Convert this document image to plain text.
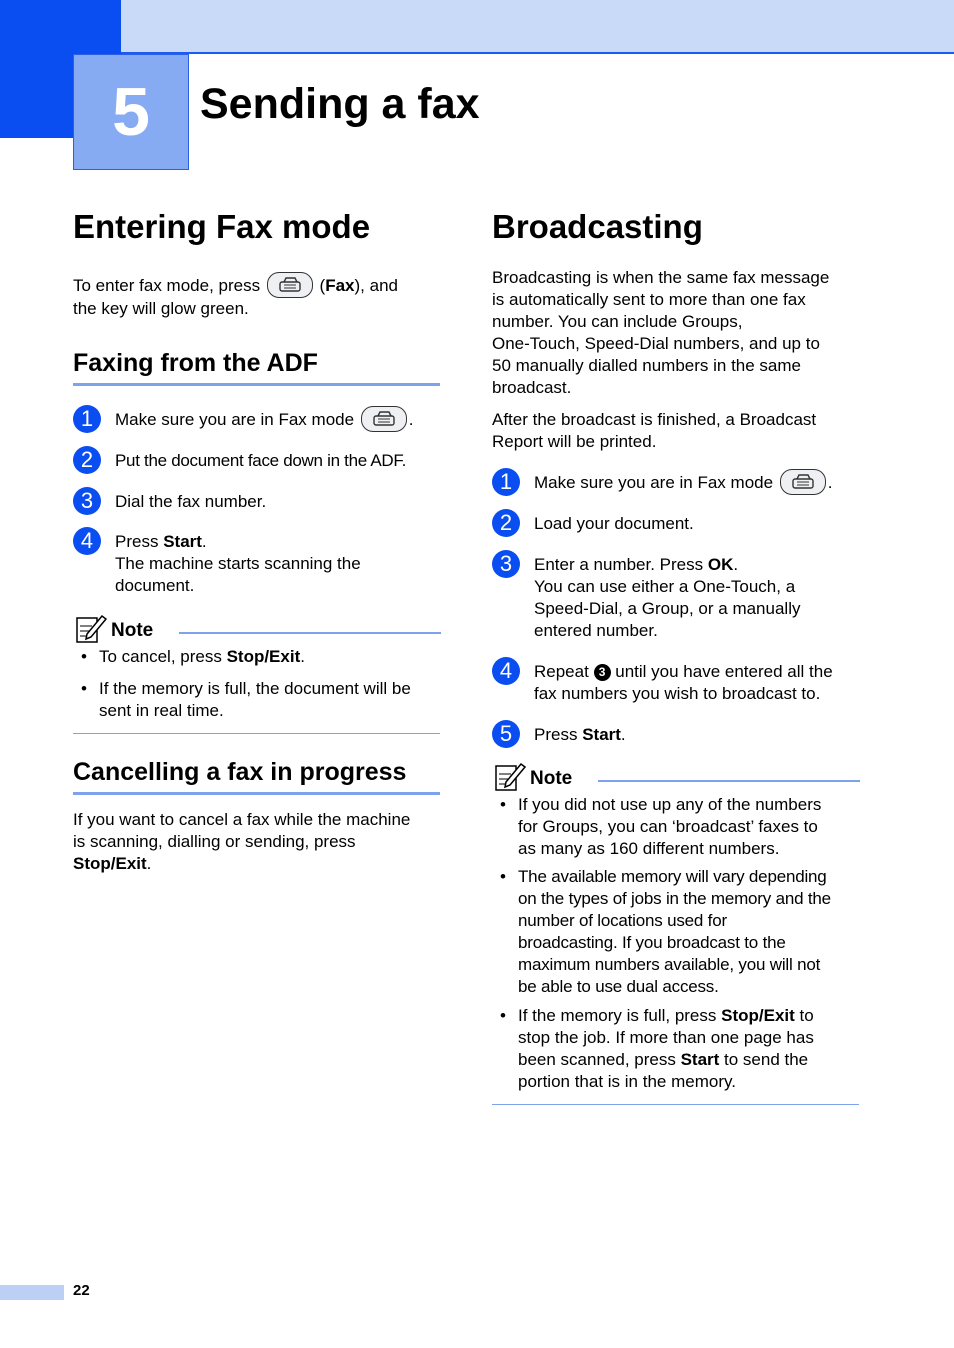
5	Sending a fax
Entering Fax mode
To enter fax mode, press	(Fax), and
the key will glow green.
Faxing from the ADF
1	Make sure you are in Fax mode	.
2	Put the document face down in the ADF.
3	Dial the fax number.
4	Press Start.
The machine starts scanning the
document.
Note
• To cancel, press Stop/Exit.
• If the memory is full, the document will be
sent in real time.
Cancelling a fax in progress
If you want to cancel a fax while the machine
is scanning, dialling or sending, press
Stop/Exit.
Broadcasting
Broadcasting is when the same fax message
is automatically sent to more than one fax
number. You can include Groups,
One-Touch, Speed-Dial numbers, and up to
50 manually dialled numbers in the same
broadcast.
After the broadcast is finished, a Broadcast
Report will be printed.
1	Make sure you are in Fax mode	.
2	Load your document.
3	Enter a number. Press OK.
You can use either a One-Touch, a
Speed-Dial, a Group, or a manually
entered number.
4	Repeat 3 until you have entered all the
fax numbers you wish to broadcast to.
5	Press Start.
Note
• If you did not use up any of the numbers
for Groups, you can ‘broadcast’ faxes to
as many as 160 different numbers.
• The available memory will vary depending
on the types of jobs in the memory and the
number of locations used for
broadcasting. If you broadcast to the
maximum numbers available, you will not
be able to use dual access.
• If the memory is full, press Stop/Exit to
stop the job. If more than one page has
been scanned, press Start to send the
portion that is in the memory.
22
